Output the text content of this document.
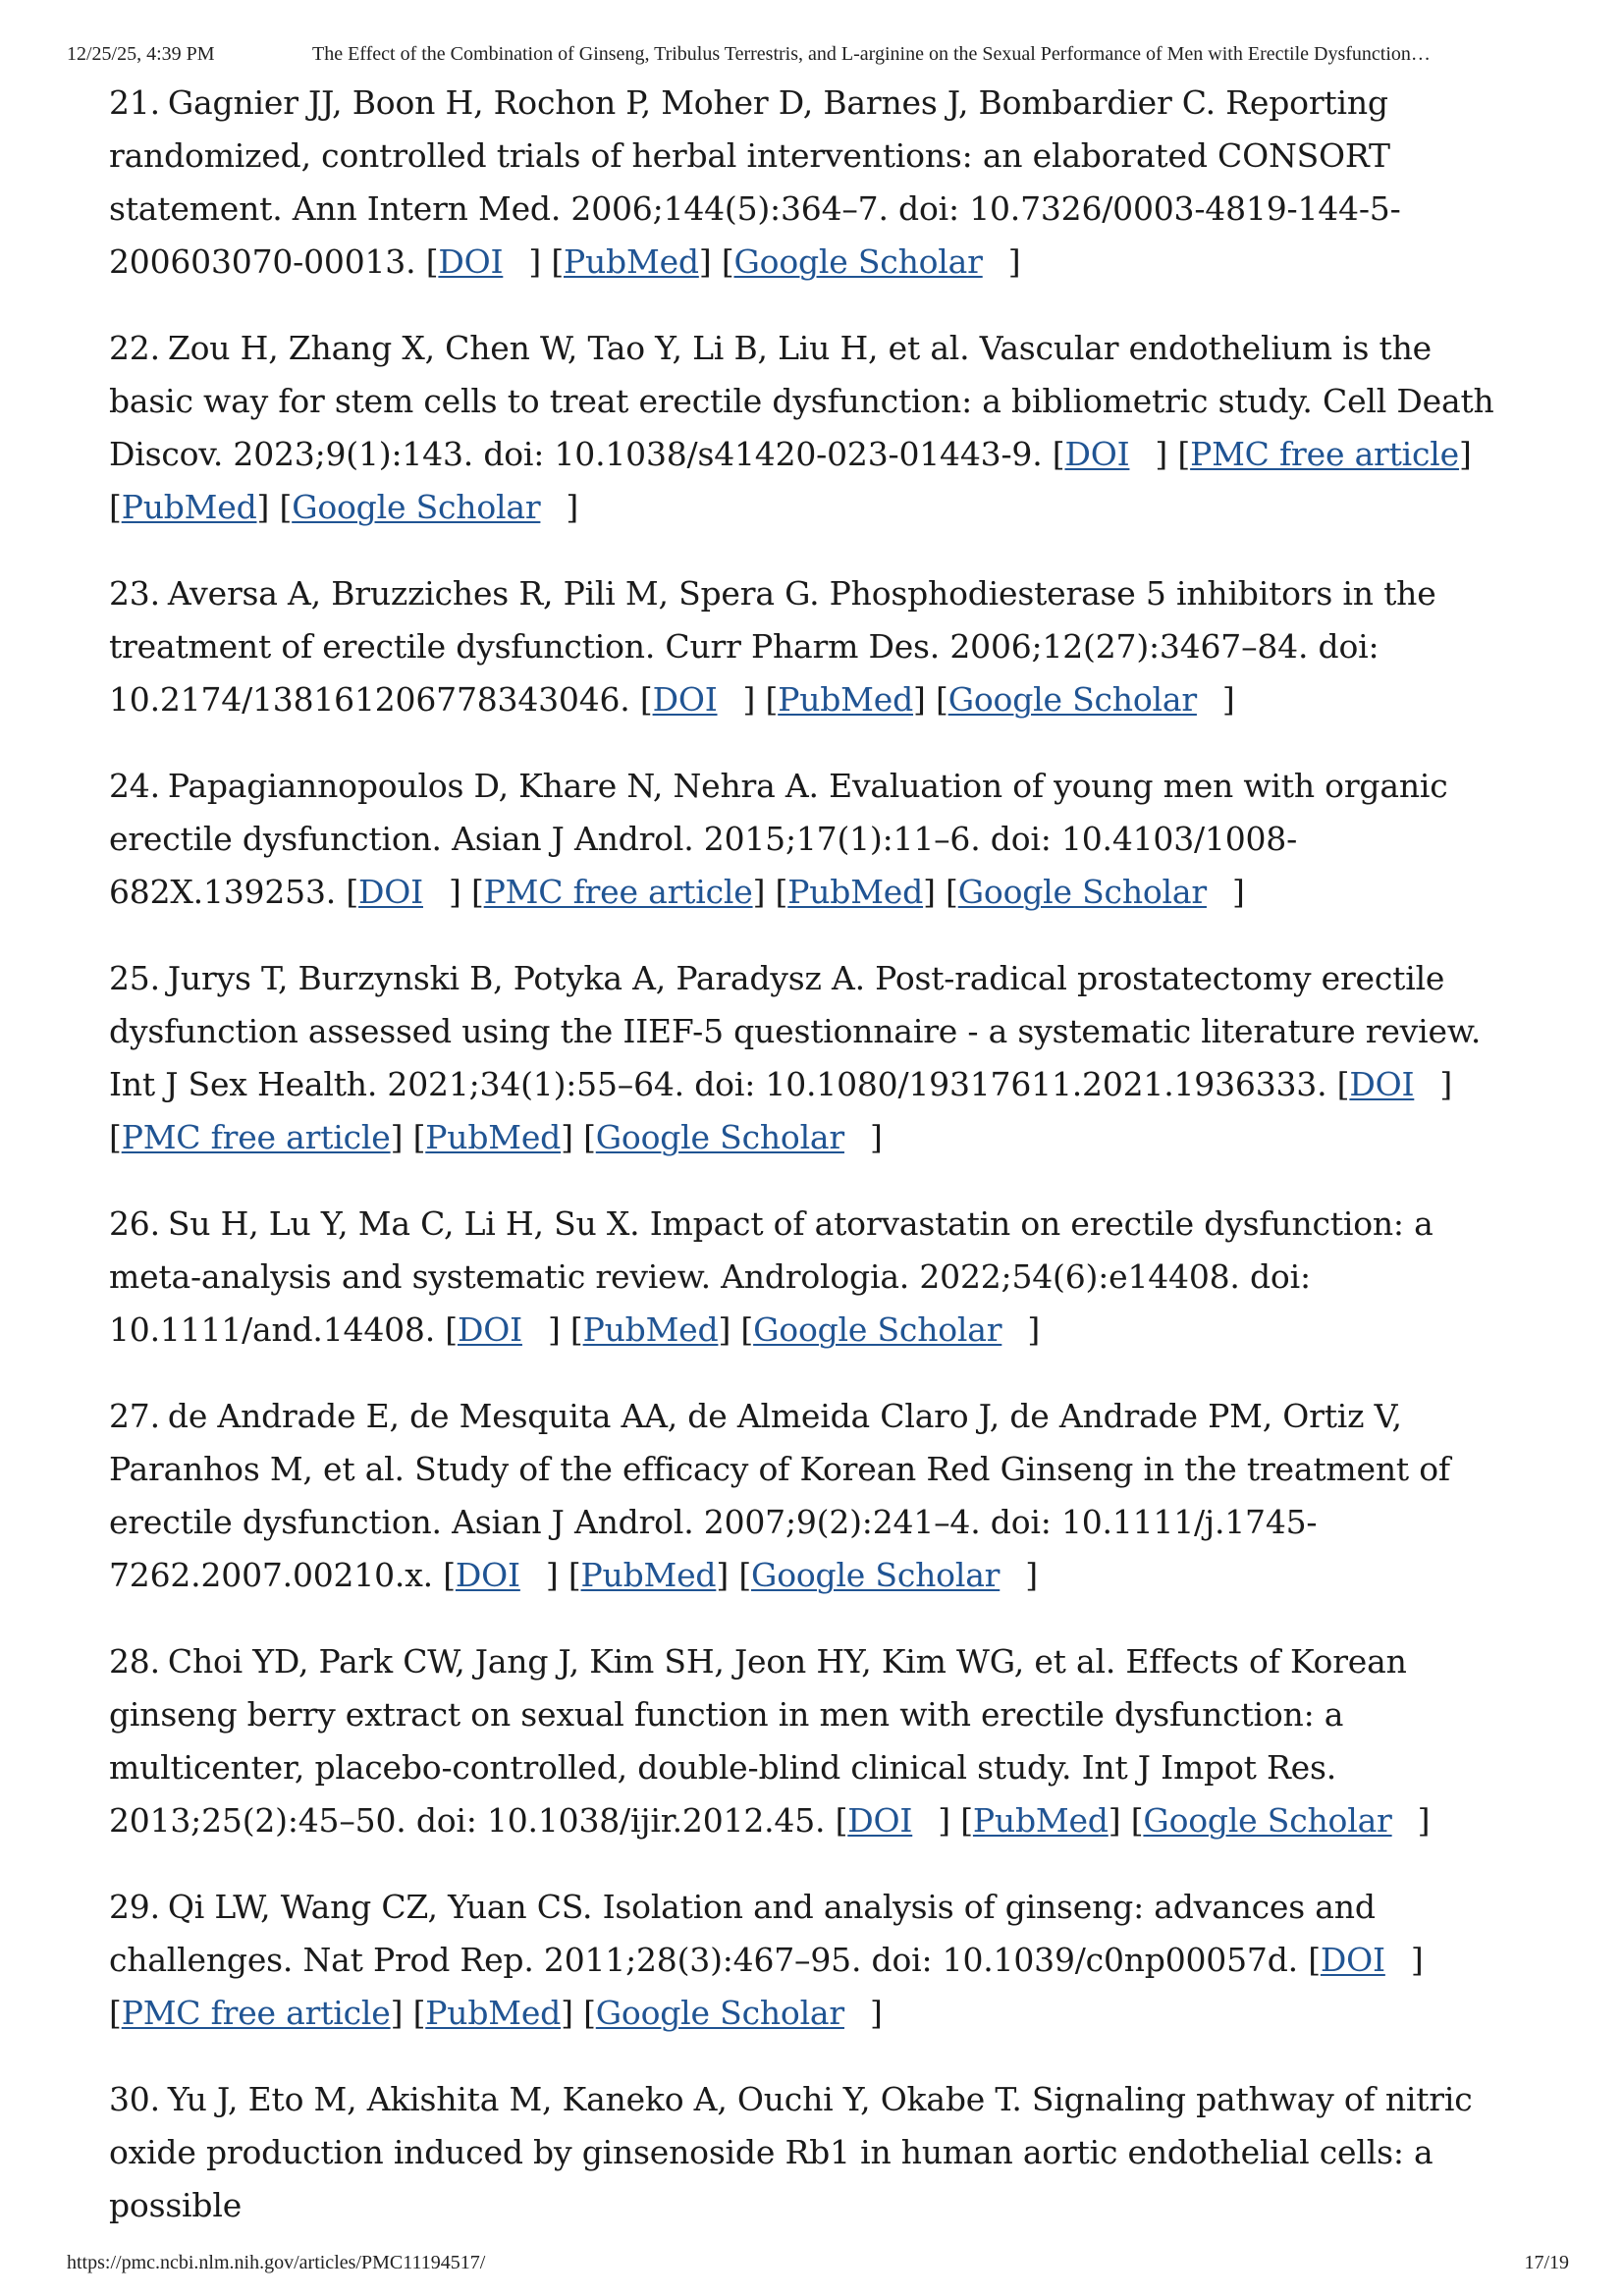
12/25/25, 4:39 PM	The Effect of the Combination of Ginseng, Tribulus Terrestris, and L-arginine on the Sexual Performance of Men with Erectile Dysfunction…
21. Gagnier JJ, Boon H, Rochon P, Moher D, Barnes J, Bombardier C. Reporting randomized, controlled trials of herbal interventions: an elaborated CONSORT statement. Ann Intern Med. 2006;144(5):364–7. doi: 10.7326/0003-4819-144-5-200603070-00013. [DOI ] [PubMed] [Google Scholar ]
22. Zou H, Zhang X, Chen W, Tao Y, Li B, Liu H, et al. Vascular endothelium is the basic way for stem cells to treat erectile dysfunction: a bibliometric study. Cell Death Discov. 2023;9(1):143. doi: 10.1038/s41420-023-01443-9. [DOI ] [PMC free article] [PubMed] [Google Scholar ]
23. Aversa A, Bruzziches R, Pili M, Spera G. Phosphodiesterase 5 inhibitors in the treatment of erectile dysfunction. Curr Pharm Des. 2006;12(27):3467–84. doi: 10.2174/138161206778343046. [DOI ] [PubMed] [Google Scholar ]
24. Papagiannopoulos D, Khare N, Nehra A. Evaluation of young men with organic erectile dysfunction. Asian J Androl. 2015;17(1):11–6. doi: 10.4103/1008-682X.139253. [DOI ] [PMC free article] [PubMed] [Google Scholar ]
25. Jurys T, Burzynski B, Potyka A, Paradysz A. Post-radical prostatectomy erectile dysfunction assessed using the IIEF-5 questionnaire - a systematic literature review. Int J Sex Health. 2021;34(1):55–64. doi: 10.1080/19317611.2021.1936333. [DOI ] [PMC free article] [PubMed] [Google Scholar ]
26. Su H, Lu Y, Ma C, Li H, Su X. Impact of atorvastatin on erectile dysfunction: a meta-analysis and systematic review. Andrologia. 2022;54(6):e14408. doi: 10.1111/and.14408. [DOI ] [PubMed] [Google Scholar ]
27. de Andrade E, de Mesquita AA, de Almeida Claro J, de Andrade PM, Ortiz V, Paranhos M, et al. Study of the efficacy of Korean Red Ginseng in the treatment of erectile dysfunction. Asian J Androl. 2007;9(2):241–4. doi: 10.1111/j.1745-7262.2007.00210.x. [DOI ] [PubMed] [Google Scholar ]
28. Choi YD, Park CW, Jang J, Kim SH, Jeon HY, Kim WG, et al. Effects of Korean ginseng berry extract on sexual function in men with erectile dysfunction: a multicenter, placebo-controlled, double-blind clinical study. Int J Impot Res. 2013;25(2):45–50. doi: 10.1038/ijir.2012.45. [DOI ] [PubMed] [Google Scholar ]
29. Qi LW, Wang CZ, Yuan CS. Isolation and analysis of ginseng: advances and challenges. Nat Prod Rep. 2011;28(3):467–95. doi: 10.1039/c0np00057d. [DOI ] [PMC free article] [PubMed] [Google Scholar ]
30. Yu J, Eto M, Akishita M, Kaneko A, Ouchi Y, Okabe T. Signaling pathway of nitric oxide production induced by ginsenoside Rb1 in human aortic endothelial cells: a possible
https://pmc.ncbi.nlm.nih.gov/articles/PMC11194517/	17/19
